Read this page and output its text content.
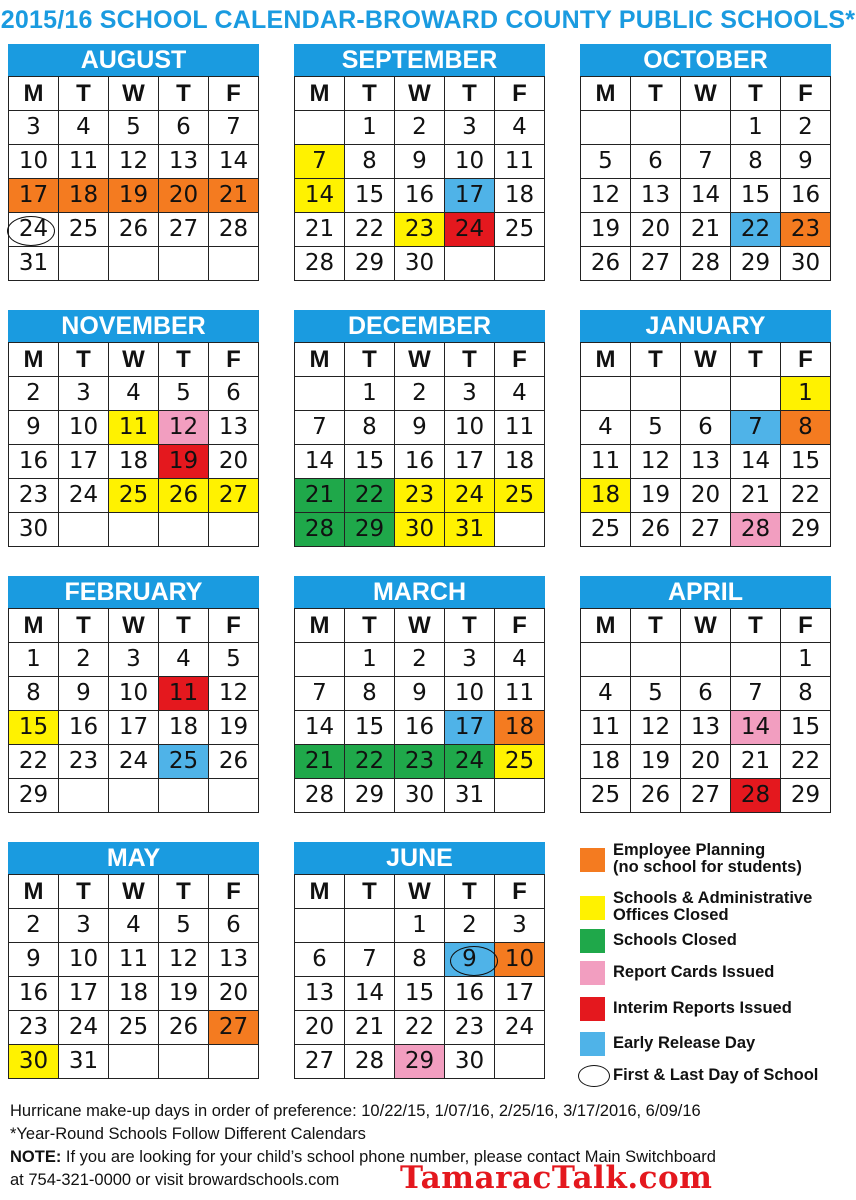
2015/16 SCHOOL CALENDAR-BROWARD COUNTY PUBLIC SCHOOLS*
AUGUST
M	T	W	T	F
3	4	5	6	7
10	11	12	13	14
17	18	19	20	21
24	25	26	27	28
31				
SEPTEMBER
M	T	W	T	F
	1	2	3	4
7	8	9	10	11
14	15	16	17	18
21	22	23	24	25
28	29	30		
OCTOBER
M	T	W	T	F
			1	2
5	6	7	8	9
12	13	14	15	16
19	20	21	22	23
26	27	28	29	30
NOVEMBER
M	T	W	T	F
2	3	4	5	6
9	10	11	12	13
16	17	18	19	20
23	24	25	26	27
30				
DECEMBER
M	T	W	T	F
	1	2	3	4
7	8	9	10	11
14	15	16	17	18
21	22	23	24	25
28	29	30	31	
JANUARY
M	T	W	T	F
				1
4	5	6	7	8
11	12	13	14	15
18	19	20	21	22
25	26	27	28	29
FEBRUARY
M	T	W	T	F
1	2	3	4	5
8	9	10	11	12
15	16	17	18	19
22	23	24	25	26
29				
MARCH
M	T	W	T	F
	1	2	3	4
7	8	9	10	11
14	15	16	17	18
21	22	23	24	25
28	29	30	31	
APRIL
M	T	W	T	F
				1
4	5	6	7	8
11	12	13	14	15
18	19	20	21	22
25	26	27	28	29
MAY
M	T	W	T	F
2	3	4	5	6
9	10	11	12	13
16	17	18	19	20
23	24	25	26	27
30	31			
JUNE
M	T	W	T	F
		1	2	3
6	7	8	9	10
13	14	15	16	17
20	21	22	23	24
27	28	29	30	
Employee Planning
(no school for students)
Schools & Administrative
Offices Closed
Schools Closed
Report Cards Issued
Interim Reports Issued
Early Release Day
First & Last Day of School
Hurricane make-up days in order of preference: 10/22/15, 1/07/16, 2/25/16, 3/17/2016, 6/09/16
*Year-Round Schools Follow Different Calendars
NOTE: If you are looking for your child’s school phone number, please contact Main Switchboard
at 754-321-0000 or visit browardschools.com TamaracTalk.com
